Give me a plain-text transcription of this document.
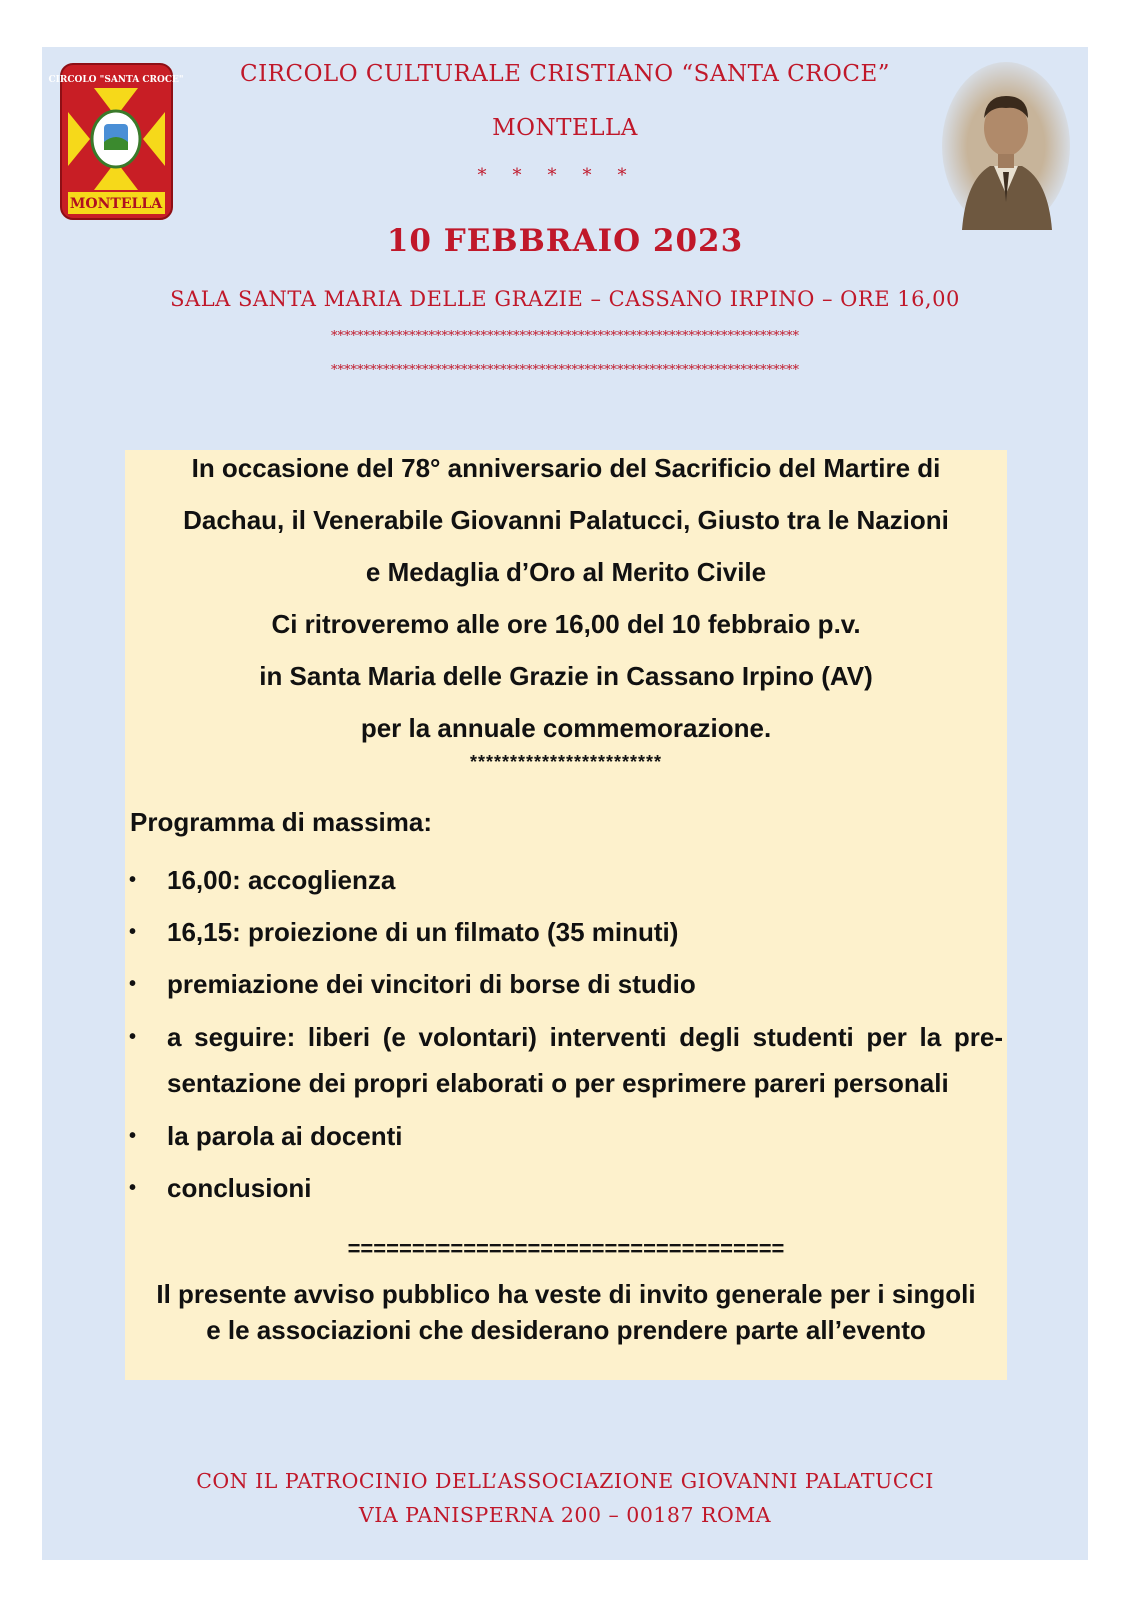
MONTELLA
CIRCOLO "SANTA CROCE"	CIRCOLO CULTURALE CRISTIANO “SANTA CROCE”
MONTELLA
*****
10 FEBBRAIO 2023
SALA SANTA MARIA DELLE GRAZIE – CASSANO IRPINO – ORE 16,00
************************************************************************
************************************************************************
CON IL PATROCINIO DELL’ASSOCIAZIONE GIOVANNI PALATUCCI
VIA PANISPERNA 200 – 00187 ROMA

In occasione del 78° anniversario del Sacrificio del Martire di

Dachau, il Venerabile Giovanni Palatucci, Giusto tra le Nazioni

e Medaglia d’Oro al Merito Civile

Ci ritroveremo alle ore 16,00 del 10 febbraio p.v.

in Santa Maria delle Grazie in Cassano Irpino (AV)

per la annuale commemorazione.

************************
Programma di massima:
• 16,00: accoglienza
• 16,15: proiezione di un filmato (35 minuti)
• premiazione dei vincitori di borse di studio
• a seguire: liberi (e volontari) interventi degli studenti per la pre-sentazione dei propri elaborati o per esprimere pareri personali
• la parola ai docenti
• conclusioni
==================================

Il presente avviso pubblico ha veste di invito generale per i singoli

e le associazioni che desiderano prendere parte all’evento
